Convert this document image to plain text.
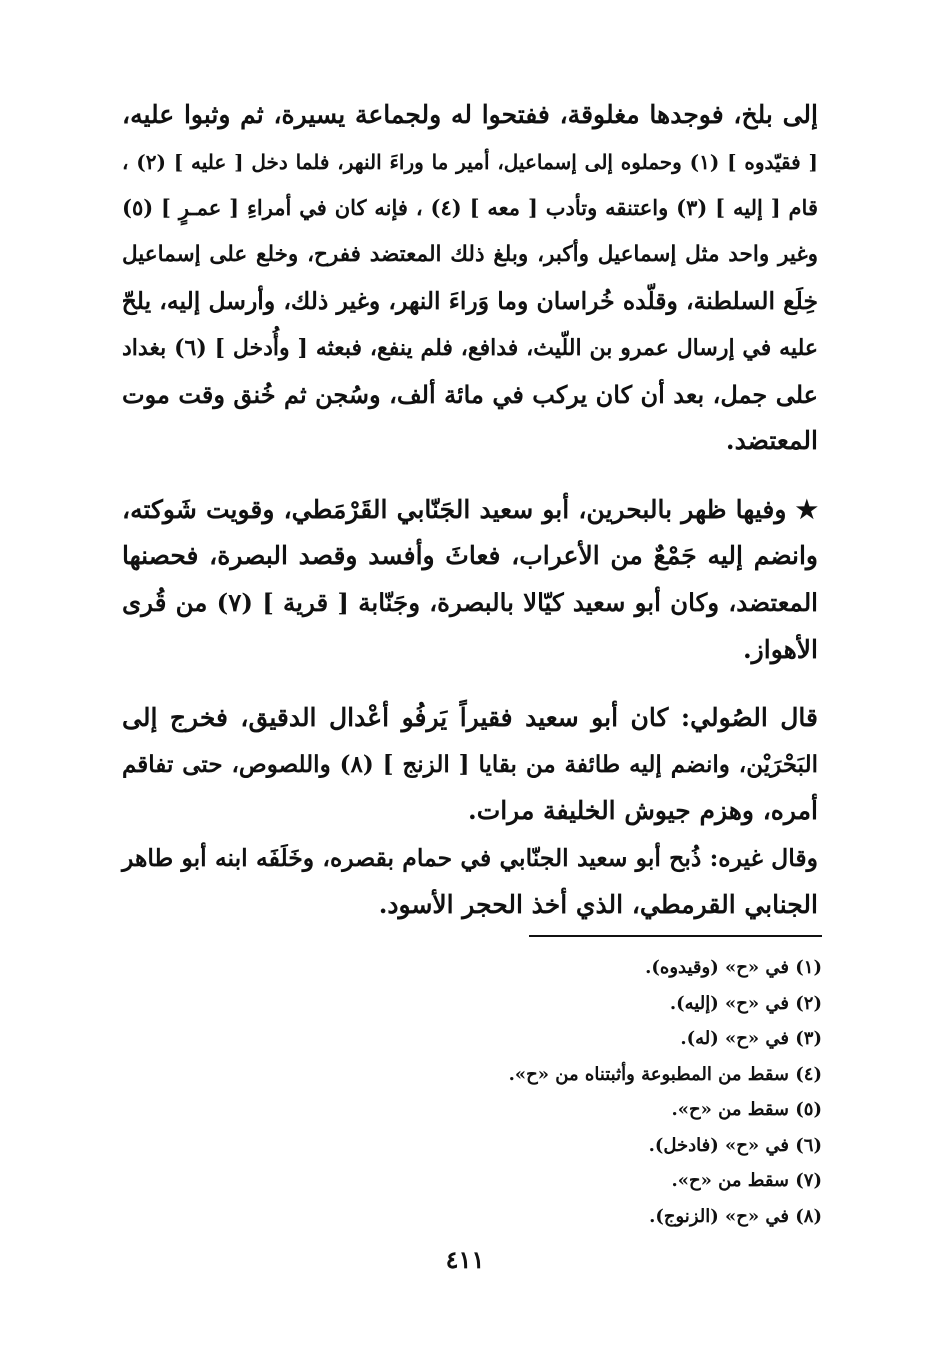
إلى بلخ، فوجدها مغلوقة، ففتحوا له ولجماعة يسيرة، ثم وثبوا عليه،
[ فقيّدوه ] (١) وحملوه إلى إسماعيل، أمير ما وراءَ النهر، فلما دخل [ عليه ] (٢) ،
قام [ إليه ] (٣) واعتنقه وتأدب [ معه ] (٤) ، فإنه كان في أمراءِ [ عمـرٍ ] (٥)
وغير واحد مثل إسماعيل وأكبر، وبلغ ذلك المعتضد ففرح، وخلع على إسماعيل
خِلَع السلطنة، وقلّده خُراسان وما وَراءَ النهر، وغير ذلك، وأرسل إليه، يلحّ
عليه في إرسال عمرو بن اللّيث، فدافع، فلم ينفع، فبعثه [ وأُدخل ] (٦) بغداد
على جمل، بعد أن كان يركب في مائة ألف، وسُجن ثم خُنق وقت موت
المعتضد.

★ وفيها ظهر بالبحرين، أبو سعيد الجَنّابي القَرْمَطي، وقويت شَوكته،
وانضم إليه جَمْعٌ من الأعراب، فعاثَ وأفسد وقصد البصرة، فحصنها
المعتضد، وكان أبو سعيد كيّالا بالبصرة، وجَنّابة [ قرية ] (٧) من قُرى
الأهواز.

قال الصُولي: كان أبو سعيد فقيراً يَرفُو أعْدال الدقيق، فخرج إلى
البَحْرَيْن، وانضم إليه طائفة من بقايا [ الزنج ] (٨) واللصوص، حتى تفاقم
أمره، وهزم جيوش الخليفة مرات.

وقال غيره: ذُبح أبو سعيد الجنّابي في حمام بقصره، وخَلَفَه ابنه أبو طاهر
الجنابي القرمطي، الذي أخذ الحجر الأسود.

(١) في «ح» (وقيدوه).
(٢) في «ح» (إليه).
(٣) في «ح» (له).
(٤) سقط من المطبوعة وأثبتناه من «ح».
(٥) سقط من «ح».
(٦) في «ح» (فادخل).
(٧) سقط من «ح».
(٨) في «ح» (الزنوج).
٤١١
